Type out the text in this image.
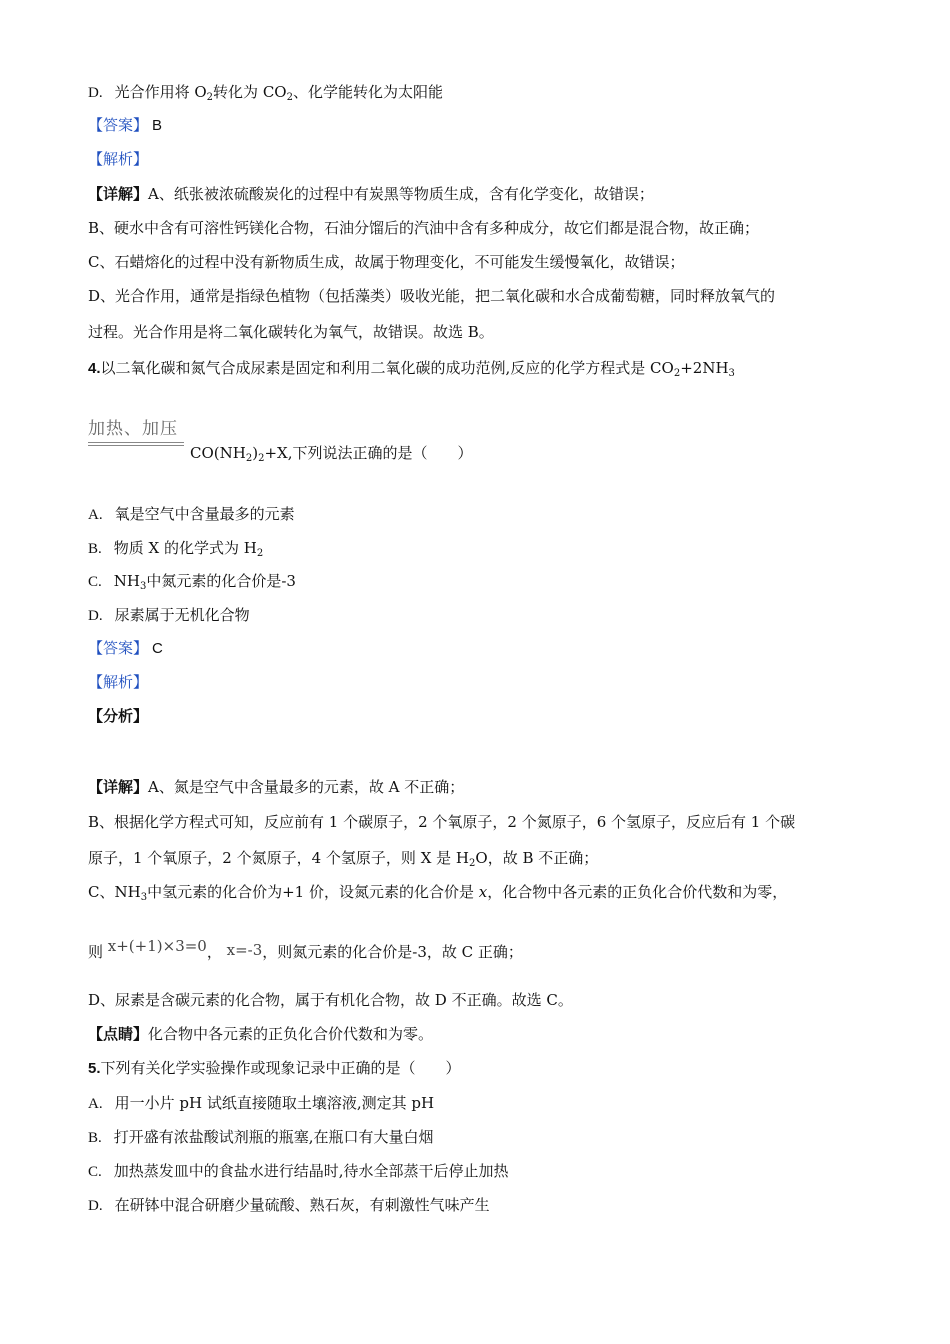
D. 光合作用将 $O_2$转化为 $CO_2$、化学能转化为太阳能
【答案】 B
【解析】
【详解】A、纸张被浓硫酸炭化的过程中有炭黑等物质生成，含有化学变化，故错误；
B、硬水中含有可溶性钙镁化合物，石油分馏后的汽油中含有多种成分，故它们都是混合物，故正确；
C、石蜡熔化的过程中没有新物质生成，故属于物理变化，不可能发生缓慢氧化，故错误；
D、光合作用，通常是指绿色植物（包括藻类）吸收光能，把二氧化碳和水合成葡萄糖，同时释放氧气的
过程。光合作用是将二氧化碳转化为氧气，故错误。故选 B。
4.以二氧化碳和氮气合成尿素是固定和利用二氧化碳的成功范例,反应的化学方程式是 $CO_2+2NH_3$
加热、加压
$CO(NH_2)_2+X$,下列说法正确的是（　　）
A. 氧是空气中含量最多的元素
B. 物质 X 的化学式为 $H_2$
C. $NH_3$中氮元素的化合价是-3
D. 尿素属于无机化合物
【答案】 C
【解析】
【分析】
【详解】A、氮是空气中含量最多的元素，故 A 不正确；
B、根据化学方程式可知，反应前有 1 个碳原子，2 个氧原子，2 个氮原子，6 个氢原子，反应后有 1 个碳
原子，1 个氧原子，2 个氮原子，4 个氢原子，则 X 是 $H_2O$，故 B 不正确；
C、$NH_3$中氢元素的化合价为+1 价，设氮元素的化合价是 x，化合物中各元素的正负化合价代数和为零，
则 x+(+1)×3=0， x=-3，则氮元素的化合价是-3，故 C 正确；
D、尿素是含碳元素的化合物，属于有机化合物，故 D 不正确。故选 C。
【点睛】化合物中各元素的正负化合价代数和为零。
5.下列有关化学实验操作或现象记录中正确的是（　　）
A. 用一小片 pH 试纸直接随取土壤溶液,测定其 pH
B. 打开盛有浓盐酸试剂瓶的瓶塞,在瓶口有大量白烟
C. 加热蒸发皿中的食盐水进行结晶时,待水全部蒸干后停止加热
D. 在研钵中混合研磨少量硫酸、熟石灰，有刺激性气味产生
